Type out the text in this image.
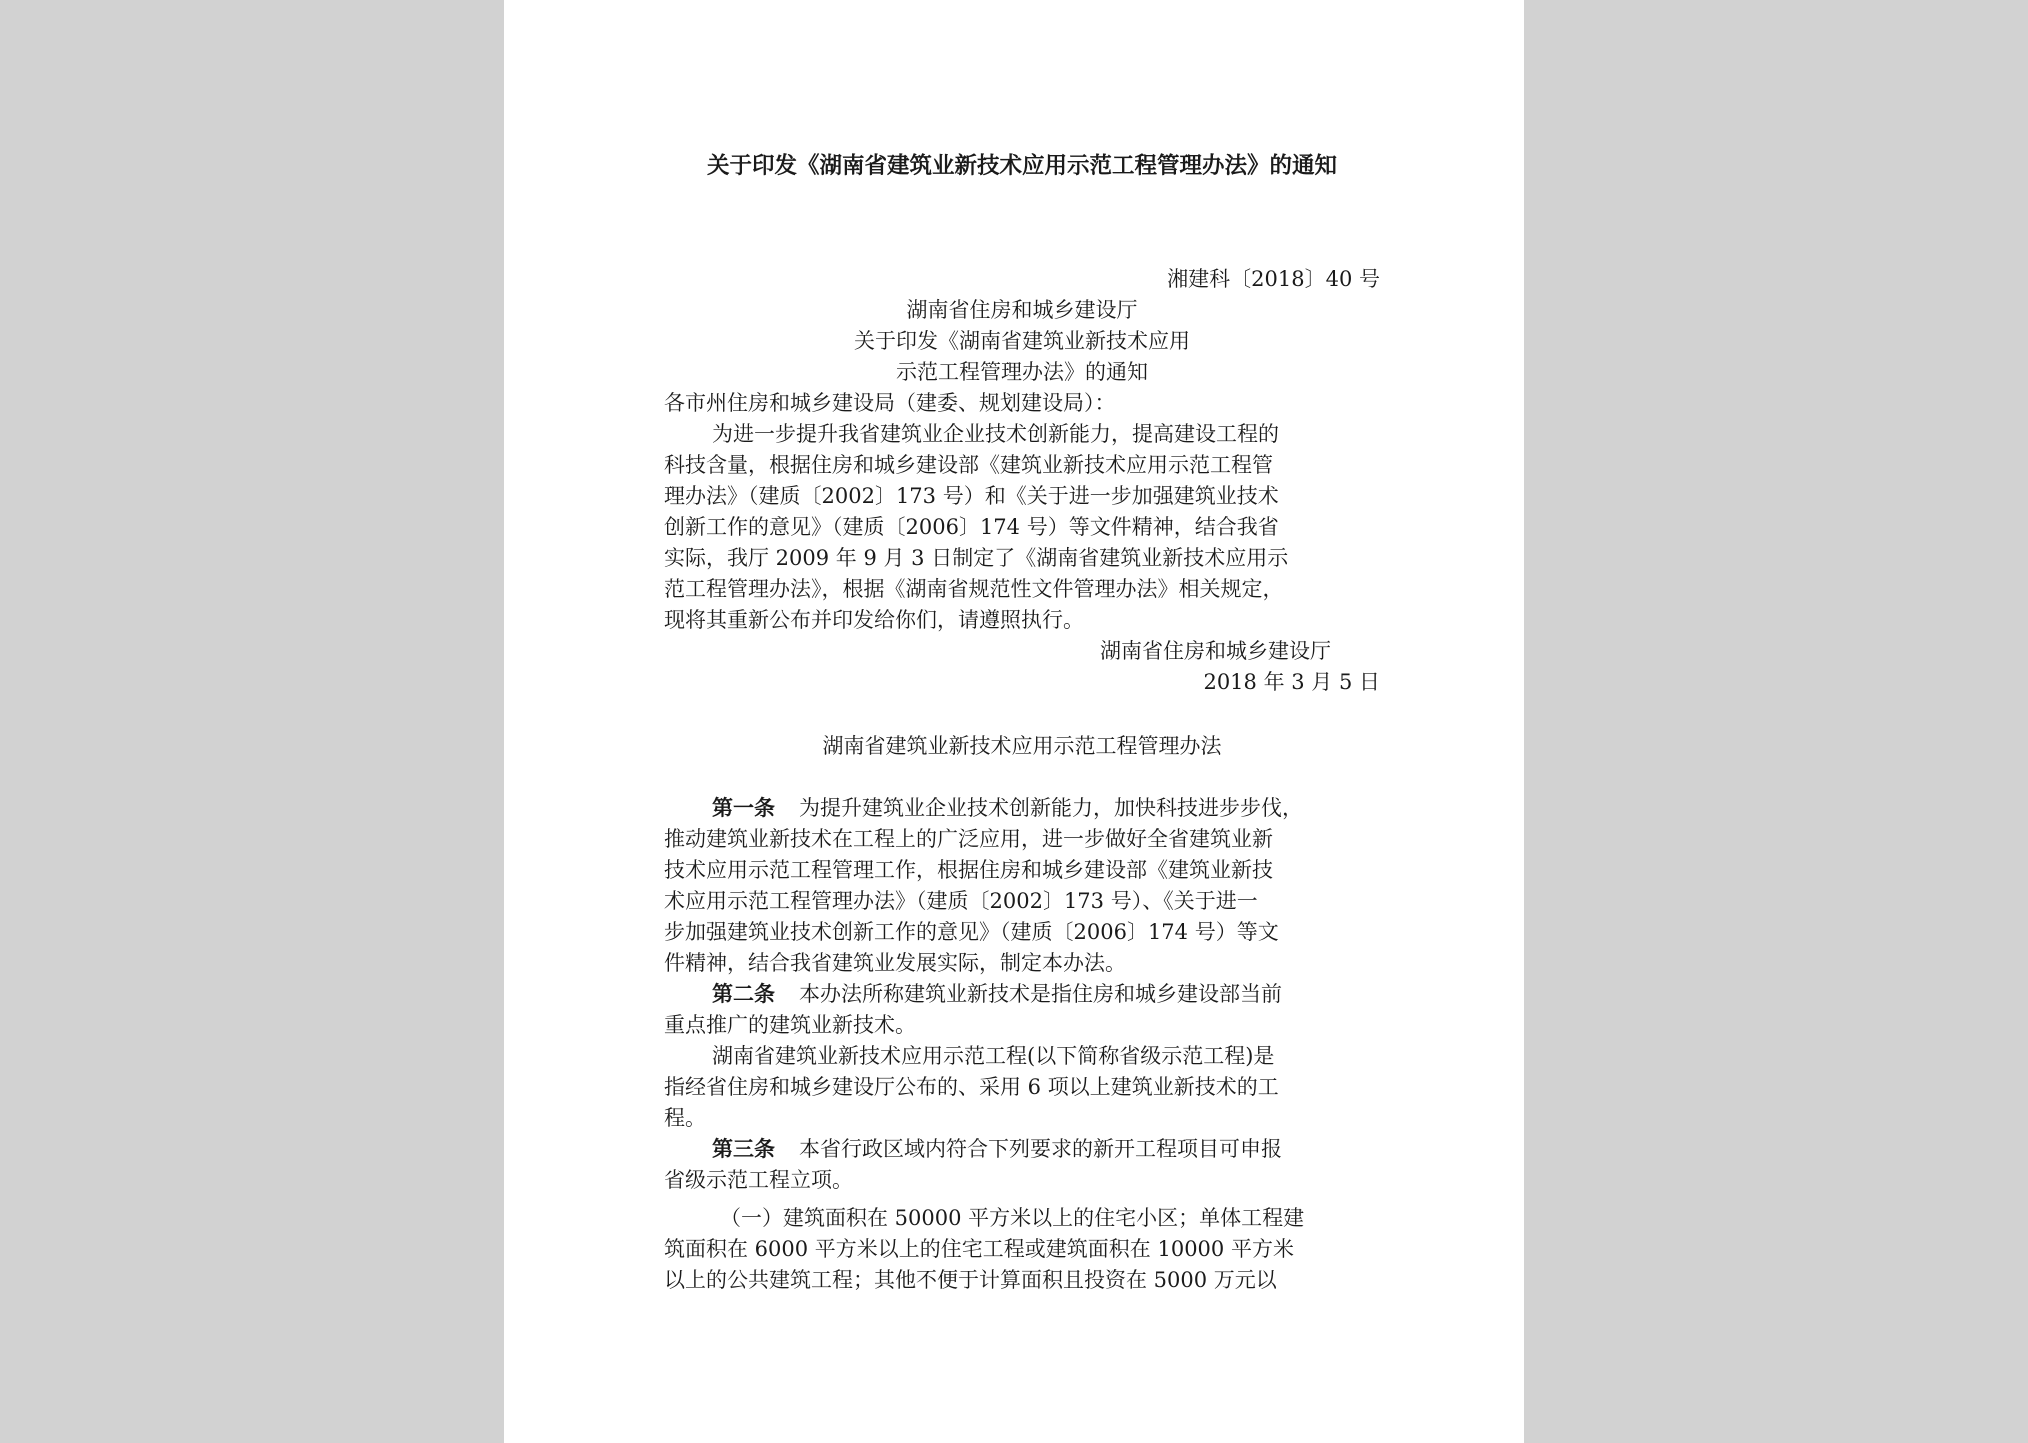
关于印发《湖南省建筑业新技术应用示范工程管理办法》的通知
湘建科〔2018〕40 号
湖南省住房和城乡建设厅
关于印发《湖南省建筑业新技术应用
示范工程管理办法》的通知
各市州住房和城乡建设局（建委、规划建设局）：
为进一步提升我省建筑业企业技术创新能力，提高建设工程的
科技含量，根据住房和城乡建设部《建筑业新技术应用示范工程管
理办法》（建质〔2002〕173 号）和《关于进一步加强建筑业技术
创新工作的意见》（建质〔2006〕174 号）等文件精神，结合我省
实际，我厅 2009 年 9 月 3 日制定了《湖南省建筑业新技术应用示
范工程管理办法》，根据《湖南省规范性文件管理办法》相关规定，
现将其重新公布并印发给你们，请遵照执行。
湖南省住房和城乡建设厅
2018 年 3 月 5 日
湖南省建筑业新技术应用示范工程管理办法
第一条 为提升建筑业企业技术创新能力，加快科技进步步伐，
推动建筑业新技术在工程上的广泛应用，进一步做好全省建筑业新
技术应用示范工程管理工作，根据住房和城乡建设部《建筑业新技
术应用示范工程管理办法》（建质〔2002〕173 号）、《关于进一
步加强建筑业技术创新工作的意见》（建质〔2006〕174 号）等文
件精神，结合我省建筑业发展实际，制定本办法。
第二条 本办法所称建筑业新技术是指住房和城乡建设部当前
重点推广的建筑业新技术。
湖南省建筑业新技术应用示范工程(以下简称省级示范工程)是
指经省住房和城乡建设厅公布的、采用 6 项以上建筑业新技术的工
程。
第三条 本省行政区域内符合下列要求的新开工程项目可申报
省级示范工程立项。
（一）建筑面积在 50000 平方米以上的住宅小区；单体工程建
筑面积在 6000 平方米以上的住宅工程或建筑面积在 10000 平方米
以上的公共建筑工程；其他不便于计算面积且投资在 5000 万元以
